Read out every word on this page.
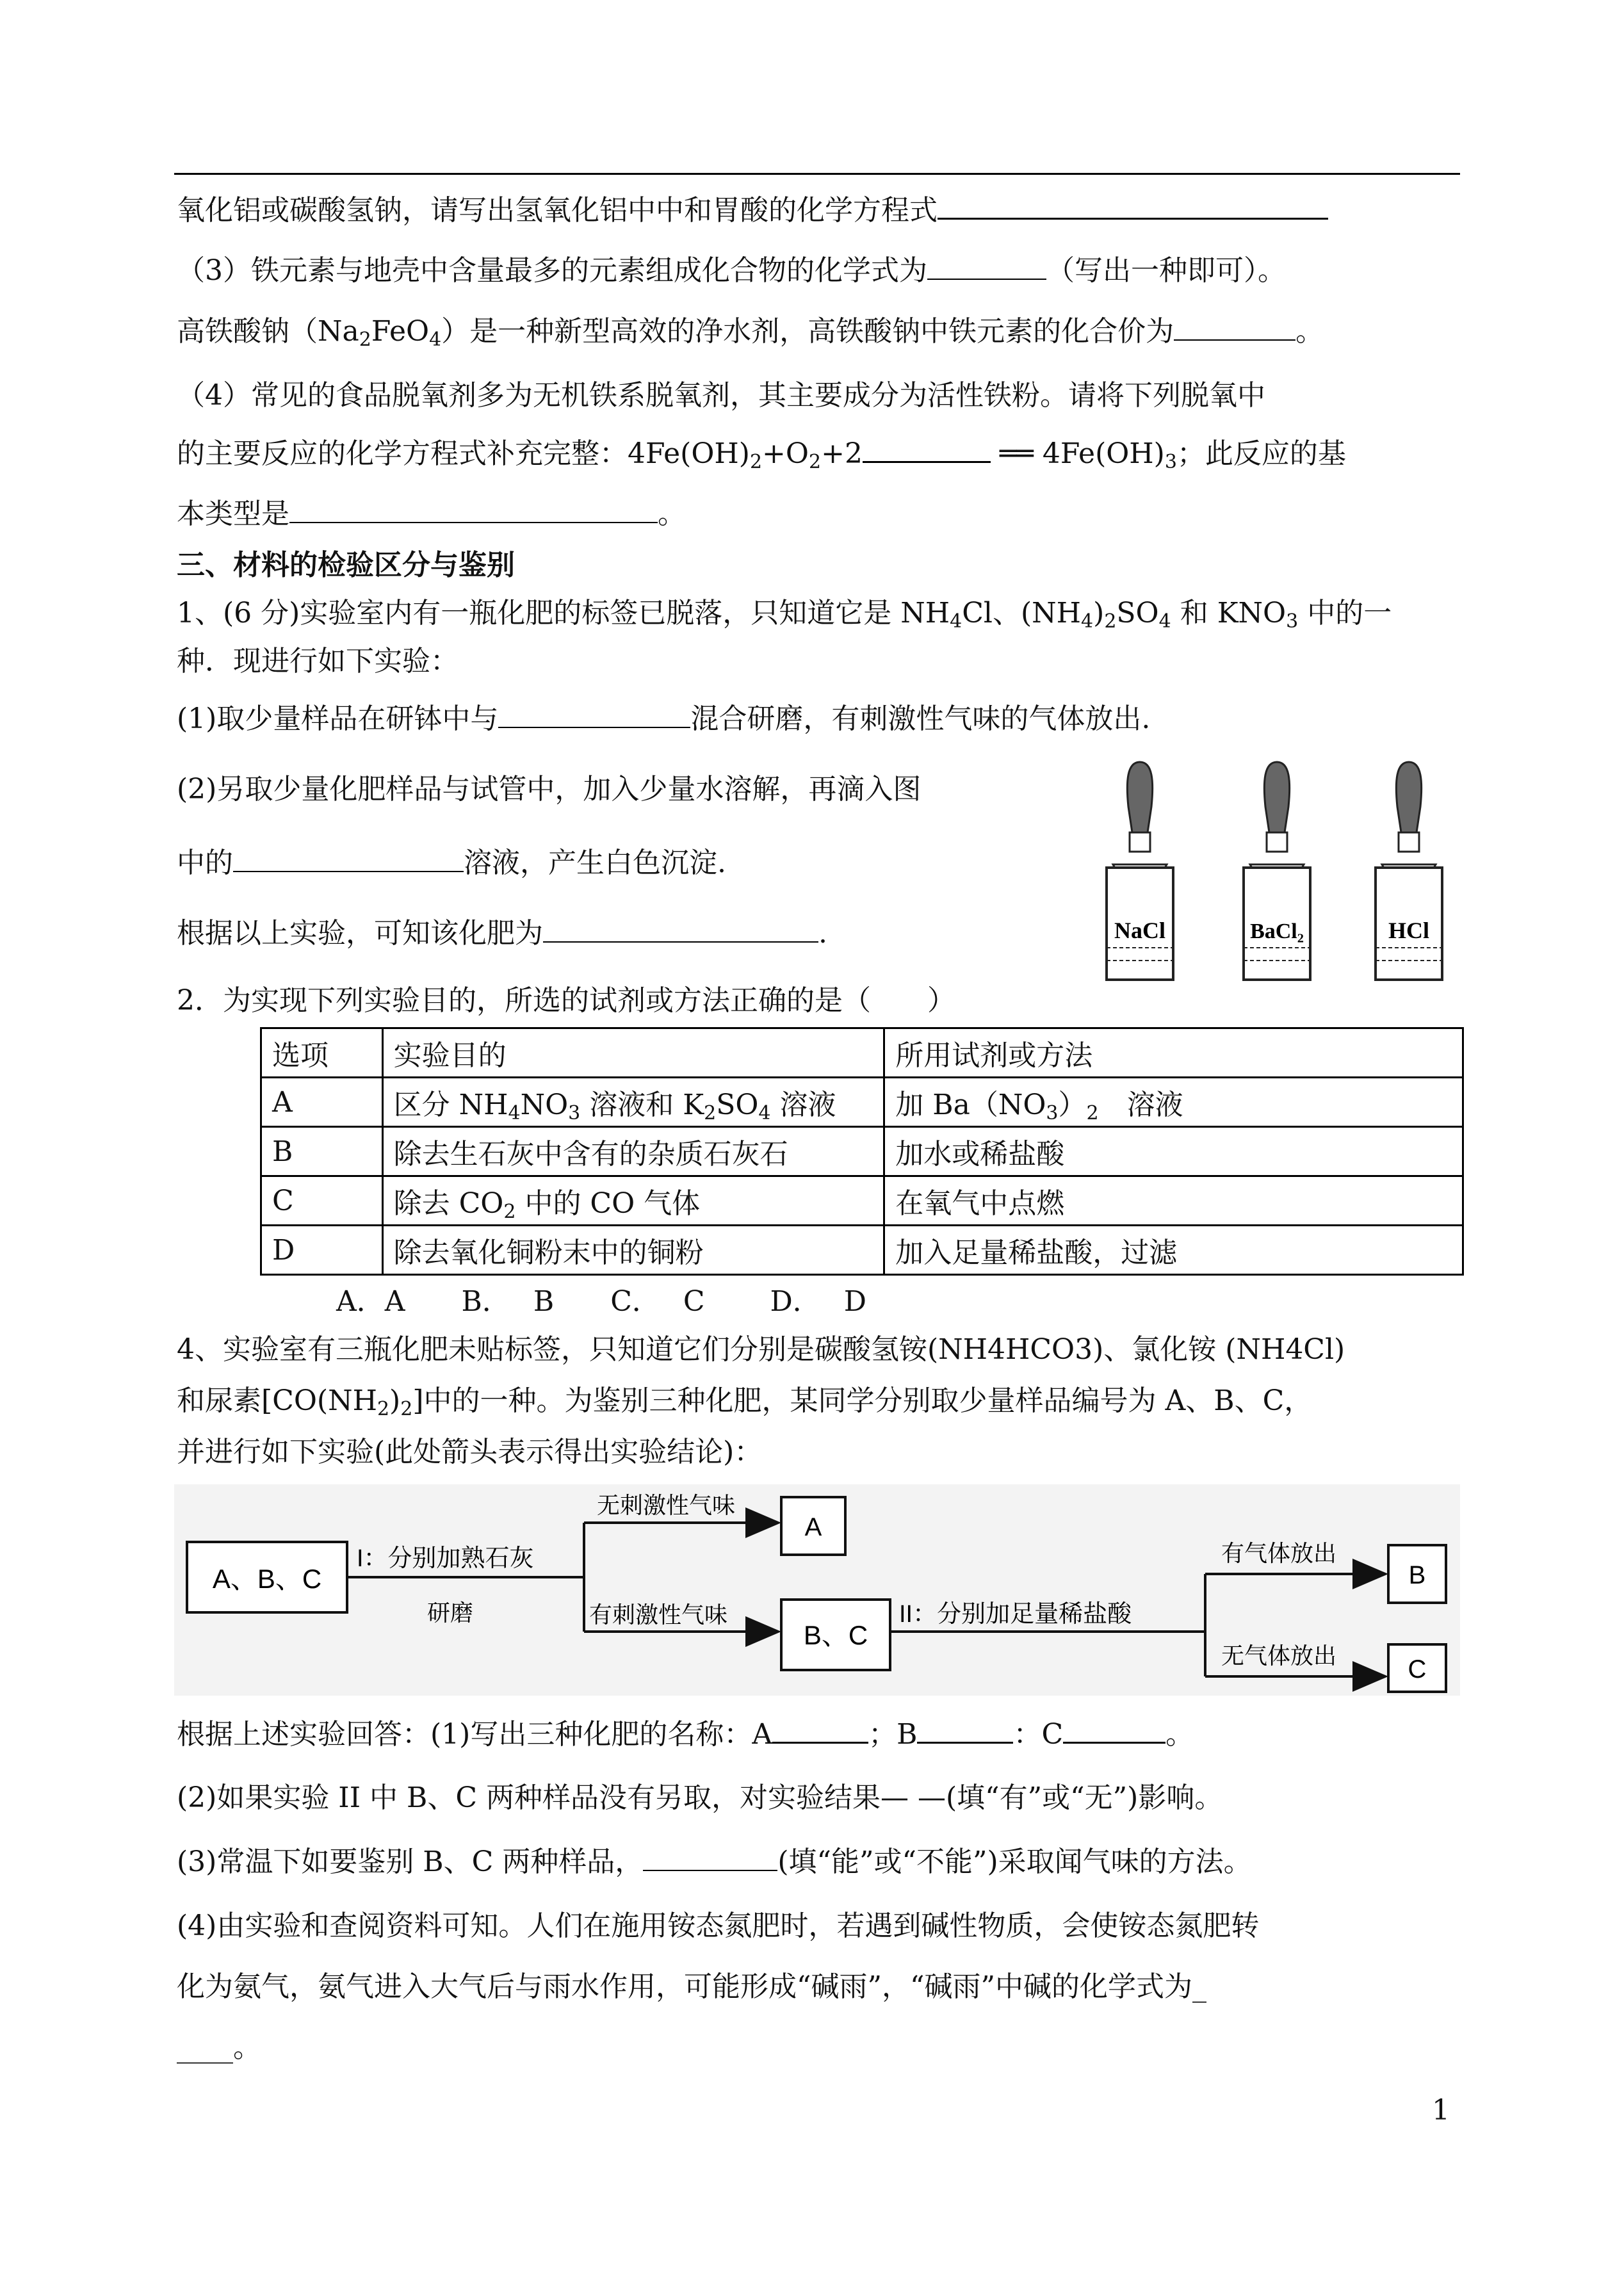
氧化铝或碳酸氢钠，请写出氢氧化铝中中和胃酸的化学方程式
（3）铁元素与地壳中含量最多的元素组成化合物的化学式为	（写出一种即可）。
高铁酸钠$(Na_2FeO_4)$是一种新型高效的净水剂，高铁酸钠中铁元素的化合价为	。
（4）常见的食品脱氧剂多为无机铁系脱氧剂，其主要成分为活性铁粉。请将下列脱氧中
的主要反应的化学方程式补充完整：$4Fe(OH)_2+O_2+2$	══ $4Fe(OH)_3$；此反应的基
本类型是	。
三、材料的检验区分与鉴别
1、(6 分)实验室内有一瓶化肥的标签已脱落，只知道它是 $NH_4Cl$、$(NH_4)_2SO_4$ 和 $KNO_3$ 中的一
种．现进行如下实验：
(1)取少量样品在研钵中与	混合研磨，有刺激性气味的气体放出.
(2)另取少量化肥样品与试管中，加入少量水溶解，再滴入图
中的	溶液，产生白色沉淀.
根据以上实验，可知该化肥为	.	NaCl	BaCl₂	HCl
2．为实现下列实验目的，所选的试剂或方法正确的是（　　）
选项	实验目的	所用试剂或方法
A	区分 $NH_4NO_3$ 溶液和 $K_2SO_4$ 溶液	加 $Ba(NO_3)_2$　溶液
B	除去生石灰中含有的杂质石灰石	加水或稀盐酸
C	除去 $CO_2$ 中的 CO 气体	在氧气中点燃
D	除去氧化铜粉末中的铜粉	加入足量稀盐酸，过滤
A．A　　B．　 B　　C．　 C　　 D．　 D
4、实验室有三瓶化肥未贴标签，只知道它们分别是碳酸氢铵(NH4HCO3)、氯化铵 (NH4Cl)
和尿素$[CO(NH_2)_2]$中的一种。为鉴别三种化肥，某同学分别取少量样品编号为 A、B、C，
并进行如下实验(此处箭头表示得出实验结论)：
A、B、C
I：分别加熟石灰
研磨
无刺激性气味
有刺激性气味
A
B、C
II：分别加足量稀盐酸
有气体放出
无气体放出
B
C
根据上述实验回答：(1)写出三种化肥的名称：A	；B	：C	。
(2)如果实验 II 中 B、C 两种样品没有另取，对实验结果— —(填“有”或“无”)影响。
(3)常温下如要鉴别 B、C 两种样品，	(填“能”或“不能”)采取闻气味的方法。
(4)由实验和查阅资料可知。人们在施用铵态氮肥时，若遇到碱性物质，会使铵态氮肥转
化为氨气，氨气进入大气后与雨水作用，可能形成“碱雨”，“碱雨”中碱的化学式为_
____。
1
